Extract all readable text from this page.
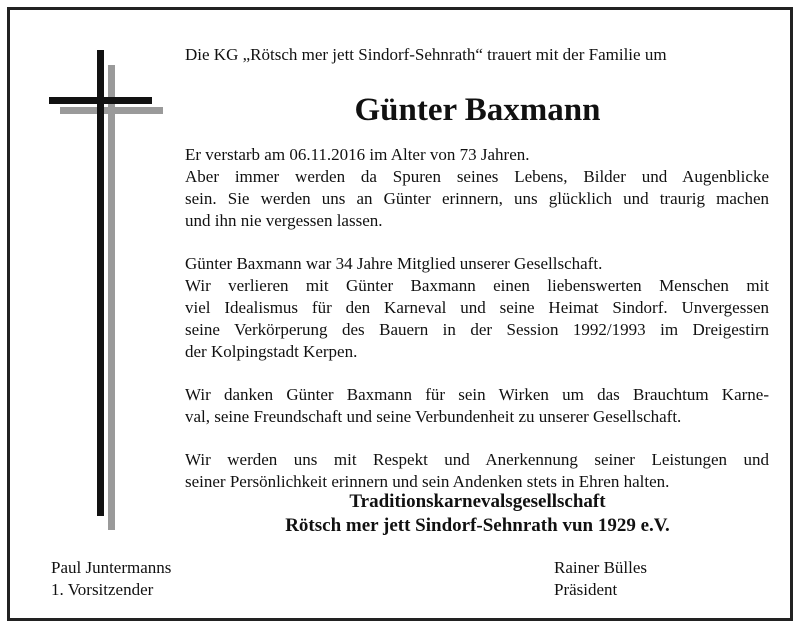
Die KG „Rötsch mer jett Sindorf-Sehnrath“ trauert mit der Familie um
Günter Baxmann
Er verstarb am 06.11.2016 im Alter von 73 Jahren.
Aber immer werden da Spuren seines Lebens, Bilder und Augenblicke
sein. Sie werden uns an Günter erinnern, uns glücklich und traurig machen
und ihn nie vergessen lassen.
Günter Baxmann war 34 Jahre Mitglied unserer Gesellschaft.
Wir verlieren mit Günter Baxmann einen liebenswerten Menschen mit
viel Idealismus für den Karneval und seine Heimat Sindorf. Unvergessen
seine Verkörperung des Bauern in der Session 1992/1993 im Dreigestirn
der Kolpingstadt Kerpen.
Wir danken Günter Baxmann für sein Wirken um das Brauchtum Karne-
val, seine Freundschaft und seine Verbundenheit zu unserer Gesellschaft.
Wir werden uns mit Respekt und Anerkennung seiner Leistungen und
seiner Persönlichkeit erinnern und sein Andenken stets in Ehren halten.
Traditionskarnevalsgesellschaft
Rötsch mer jett Sindorf-Sehnrath vun 1929 e.V.
Paul Juntermanns
1. Vorsitzender
Rainer Bülles
Präsident
